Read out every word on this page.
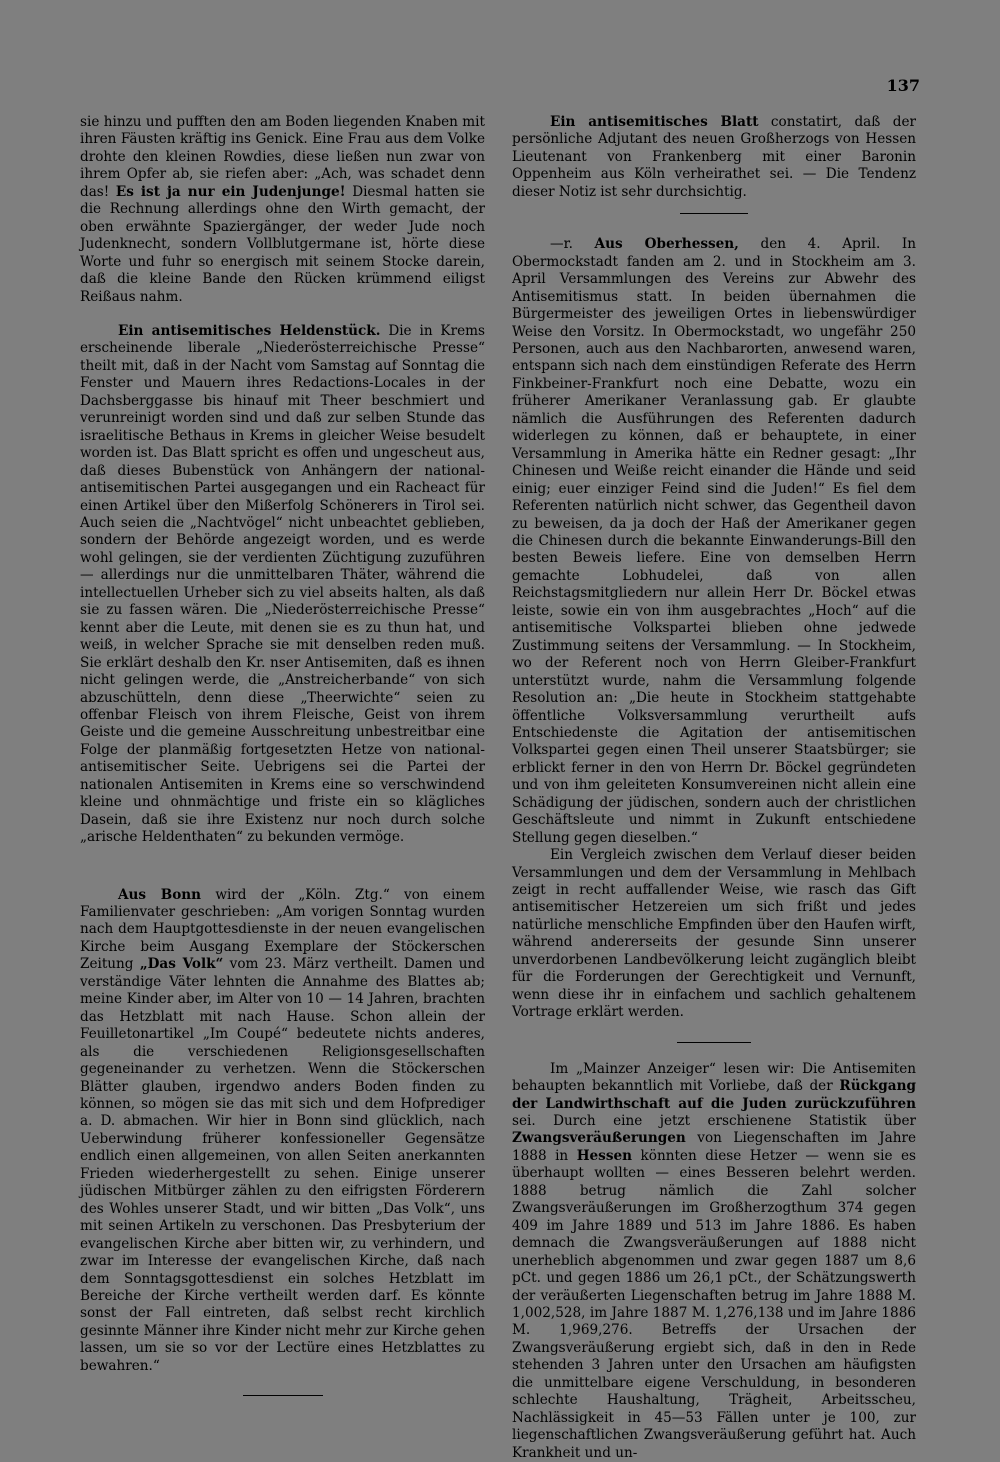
137

sie hinzu und pufften den am Boden liegenden Knaben mit ihren Fäusten kräftig ins Genick. Eine Frau aus dem Volke drohte den kleinen Rowdies, diese ließen nun zwar von ihrem Opfer ab, sie riefen aber: „Ach, was schadet denn das! Es ist ja nur ein Judenjunge! Diesmal hatten sie die Rechnung allerdings ohne den Wirth gemacht, der oben erwähnte Spaziergänger, der weder Jude noch Judenknecht, sondern Vollblutgermane ist, hörte diese Worte und fuhr so energisch mit seinem Stocke darein, daß die kleine Bande den Rücken krümmend eiligst Reißaus nahm.

Ein antisemitisches Heldenstück. Die in Krems erscheinende liberale „Niederösterreichische Presse“ theilt mit, daß in der Nacht vom Samstag auf Sonntag die Fenster und Mauern ihres Redactions-Locales in der Dachsberggasse bis hinauf mit Theer beschmiert und verunreinigt worden sind und daß zur selben Stunde das israelitische Bethaus in Krems in gleicher Weise besudelt worden ist. Das Blatt spricht es offen und ungescheut aus, daß dieses Bubenstück von Anhängern der national-antisemitischen Partei ausgegangen und ein Racheact für einen Artikel über den Mißerfolg Schönerers in Tirol sei. Auch seien die „Nachtvögel“ nicht unbeachtet geblieben, sondern der Behörde angezeigt worden, und es werde wohl gelingen, sie der verdienten Züchtigung zuzuführen — allerdings nur die unmittelbaren Thäter, während die intellectuellen Urheber sich zu viel abseits halten, als daß sie zu fassen wären. Die „Niederösterreichische Presse“ kennt aber die Leute, mit denen sie es zu thun hat, und weiß, in welcher Sprache sie mit denselben reden muß. Sie erklärt deshalb den Kr. nser Antisemiten, daß es ihnen nicht gelingen werde, die „Anstreicherbande“ von sich abzuschütteln, denn diese „Theerwichte“ seien zu offenbar Fleisch von ihrem Fleische, Geist von ihrem Geiste und die gemeine Ausschreitung unbestreitbar eine Folge der planmäßig fortgesetzten Hetze von national-antisemitischer Seite. Uebrigens sei die Partei der nationalen Antisemiten in Krems eine so verschwindend kleine und ohnmächtige und friste ein so klägliches Dasein, daß sie ihre Existenz nur noch durch solche „arische Heldenthaten“ zu bekunden vermöge.

Aus Bonn wird der „Köln. Ztg.“ von einem Familienvater geschrieben: „Am vorigen Sonntag wurden nach dem Hauptgottesdienste in der neuen evangelischen Kirche beim Ausgang Exemplare der Stöckerschen Zeitung „Das Volk“ vom 23. März vertheilt. Damen und verständige Väter lehnten die Annahme des Blattes ab; meine Kinder aber, im Alter von 10 — 14 Jahren, brachten das Hetzblatt mit nach Hause. Schon allein der Feuilletonartikel „Im Coupé“ bedeutete nichts anderes, als die verschiedenen Religionsgesellschaften gegeneinander zu verhetzen. Wenn die Stöckerschen Blätter glauben, irgendwo anders Boden finden zu können, so mögen sie das mit sich und dem Hofprediger a. D. abmachen. Wir hier in Bonn sind glücklich, nach Ueberwindung früherer konfessioneller Gegensätze endlich einen allgemeinen, von allen Seiten anerkannten Frieden wiederhergestellt zu sehen. Einige unserer jüdischen Mitbürger zählen zu den eifrigsten Förderern des Wohles unserer Stadt, und wir bitten „Das Volk“, uns mit seinen Artikeln zu verschonen. Das Presbyterium der evangelischen Kirche aber bitten wir, zu verhindern, und zwar im Interesse der evangelischen Kirche, daß nach dem Sonntagsgottesdienst ein solches Hetzblatt im Bereiche der Kirche vertheilt werden darf. Es könnte sonst der Fall eintreten, daß selbst recht kirchlich gesinnte Männer ihre Kinder nicht mehr zur Kirche gehen lassen, um sie so vor der Lectüre eines Hetzblattes zu bewahren.“

Ein antisemitisches Blatt constatirt, daß der persönliche Adjutant des neuen Großherzogs von Hessen Lieutenant von Frankenberg mit einer Baronin Oppenheim aus Köln verheirathet sei. — Die Tendenz dieser Notiz ist sehr durchsichtig.

—r. Aus Oberhessen, den 4. April. In Obermockstadt fanden am 2. und in Stockheim am 3. April Versammlungen des Vereins zur Abwehr des Antisemitismus statt. In beiden übernahmen die Bürgermeister des jeweiligen Ortes in liebenswürdiger Weise den Vorsitz. In Obermockstadt, wo ungefähr 250 Personen, auch aus den Nachbarorten, anwesend waren, entspann sich nach dem einstündigen Referate des Herrn Finkbeiner-Frankfurt noch eine Debatte, wozu ein früherer Amerikaner Veranlassung gab. Er glaubte nämlich die Ausführungen des Referenten dadurch widerlegen zu können, daß er behauptete, in einer Versammlung in Amerika hätte ein Redner gesagt: „Ihr Chinesen und Weiße reicht einander die Hände und seid einig; euer einziger Feind sind die Juden!“ Es fiel dem Referenten natürlich nicht schwer, das Gegentheil davon zu beweisen, da ja doch der Haß der Amerikaner gegen die Chinesen durch die bekannte Einwanderungs-Bill den besten Beweis liefere. Eine von demselben Herrn gemachte Lobhudelei, daß von allen Reichstagsmitgliedern nur allein Herr Dr. Böckel etwas leiste, sowie ein von ihm ausgebrachtes „Hoch“ auf die antisemitische Volkspartei blieben ohne jedwede Zustimmung seitens der Versammlung. — In Stockheim, wo der Referent noch von Herrn Gleiber-Frankfurt unterstützt wurde, nahm die Versammlung folgende Resolution an: „Die heute in Stockheim stattgehabte öffentliche Volksversammlung verurtheilt aufs Entschiedenste die Agitation der antisemitischen Volkspartei gegen einen Theil unserer Staatsbürger; sie erblickt ferner in den von Herrn Dr. Böckel gegründeten und von ihm geleiteten Konsumvereinen nicht allein eine Schädigung der jüdischen, sondern auch der christlichen Geschäftsleute und nimmt in Zukunft entschiedene Stellung gegen dieselben.“

Ein Vergleich zwischen dem Verlauf dieser beiden Versammlungen und dem der Versammlung in Mehlbach zeigt in recht auffallender Weise, wie rasch das Gift antisemitischer Hetzereien um sich frißt und jedes natürliche menschliche Empfinden über den Haufen wirft, während andererseits der gesunde Sinn unserer unverdorbenen Landbevölkerung leicht zugänglich bleibt für die Forderungen der Gerechtigkeit und Vernunft, wenn diese ihr in einfachem und sachlich gehaltenem Vortrage erklärt werden.

Im „Mainzer Anzeiger“ lesen wir: Die Antisemiten behaupten bekanntlich mit Vorliebe, daß der Rückgang der Landwirthschaft auf die Juden zurückzuführen sei. Durch eine jetzt erschienene Statistik über Zwangsveräußerungen von Liegenschaften im Jahre 1888 in Hessen könnten diese Hetzer — wenn sie es überhaupt wollten — eines Besseren belehrt werden. 1888 betrug nämlich die Zahl solcher Zwangsveräußerungen im Großherzogthum 374 gegen 409 im Jahre 1889 und 513 im Jahre 1886. Es haben demnach die Zwangsveräußerungen auf 1888 nicht unerheblich abgenommen und zwar gegen 1887 um 8,6 pCt. und gegen 1886 um 26,1 pCt., der Schätzungswerth der veräußerten Liegenschaften betrug im Jahre 1888 M. 1,002,528, im Jahre 1887 M. 1,276,138 und im Jahre 1886 M. 1,969,276. Betreffs der Ursachen der Zwangsveräußerung ergiebt sich, daß in den in Rede stehenden 3 Jahren unter den Ursachen am häufigsten die unmittelbare eigene Verschuldung, in besonderen schlechte Haushaltung, Trägheit, Arbeitsscheu, Nachlässigkeit in 45—53 Fällen unter je 100, zur liegenschaftlichen Zwangsveräußerung geführt hat. Auch Krankheit und un-
